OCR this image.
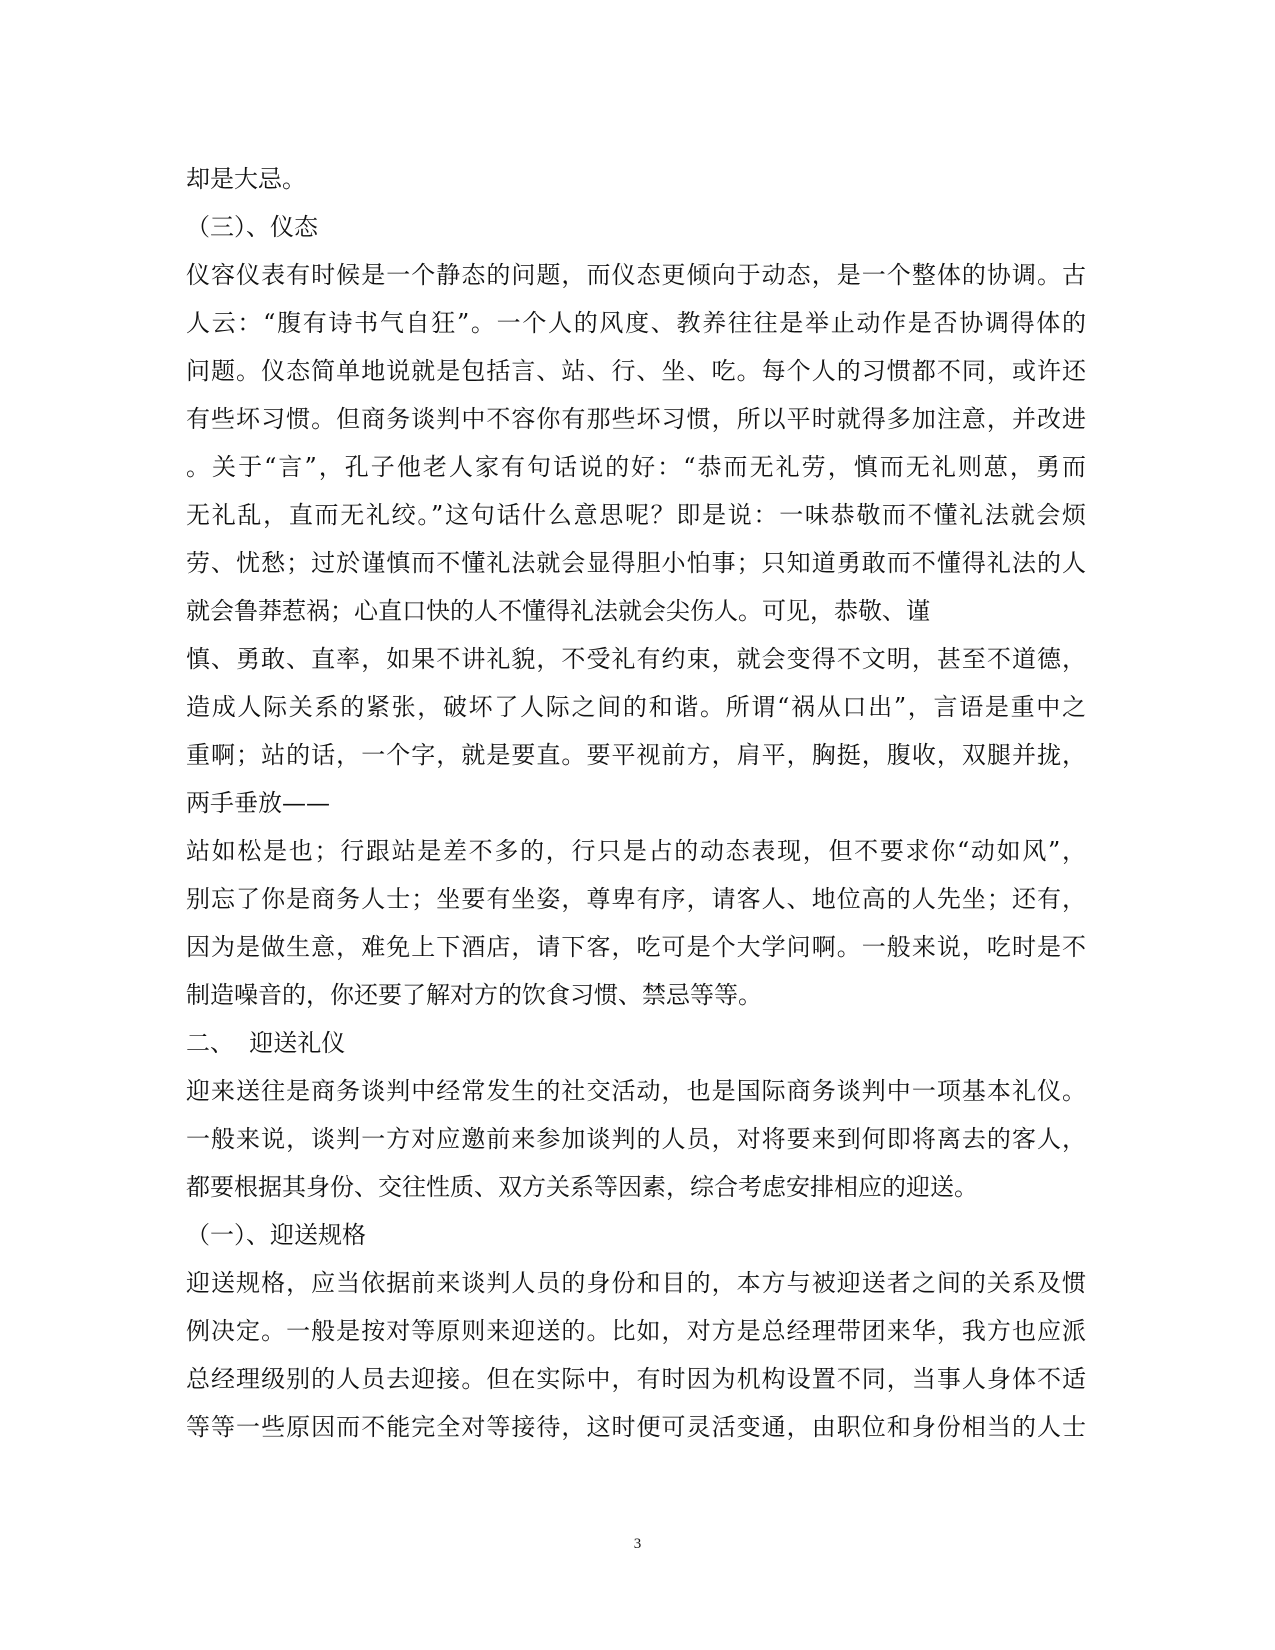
却是大忌。
（三）、仪态
仪容仪表有时候是一个静态的问题，而仪态更倾向于动态，是一个整体的协调。古
人云：“腹有诗书气自狂”。一个人的风度、教养往往是举止动作是否协调得体的
问题。仪态简单地说就是包括言、站、行、坐、吃。每个人的习惯都不同，或许还
有些坏习惯。但商务谈判中不容你有那些坏习惯，所以平时就得多加注意，并改进
。关于“言”，孔子他老人家有句话说的好：“恭而无礼劳，慎而无礼则葸，勇而
无礼乱，直而无礼绞。”这句话什么意思呢？即是说：一味恭敬而不懂礼法就会烦
劳、忧愁；过於谨慎而不懂礼法就会显得胆小怕事；只知道勇敢而不懂得礼法的人
就会鲁莽惹祸；心直口快的人不懂得礼法就会尖伤人。可见，恭敬、谨
慎、勇敢、直率，如果不讲礼貌，不受礼有约束，就会变得不文明，甚至不道德，
造成人际关系的紧张，破坏了人际之间的和谐。所谓“祸从口出”，言语是重中之
重啊；站的话，一个字，就是要直。要平视前方，肩平，胸挺，腹收，双腿并拢，
两手垂放——
站如松是也；行跟站是差不多的，行只是占的动态表现，但不要求你“动如风”，
别忘了你是商务人士；坐要有坐姿，尊卑有序，请客人、地位高的人先坐；还有，
因为是做生意，难免上下酒店，请下客，吃可是个大学问啊。一般来说，吃时是不
制造噪音的，你还要了解对方的饮食习惯、禁忌等等。
二、  迎送礼仪
迎来送往是商务谈判中经常发生的社交活动，也是国际商务谈判中一项基本礼仪。
一般来说，谈判一方对应邀前来参加谈判的人员，对将要来到何即将离去的客人，
都要根据其身份、交往性质、双方关系等因素，综合考虑安排相应的迎送。
（一）、迎送规格
迎送规格，应当依据前来谈判人员的身份和目的，本方与被迎送者之间的关系及惯
例决定。一般是按对等原则来迎送的。比如，对方是总经理带团来华，我方也应派
总经理级别的人员去迎接。但在实际中，有时因为机构设置不同，当事人身体不适
等等一些原因而不能完全对等接待，这时便可灵活变通，由职位和身份相当的人士
3
